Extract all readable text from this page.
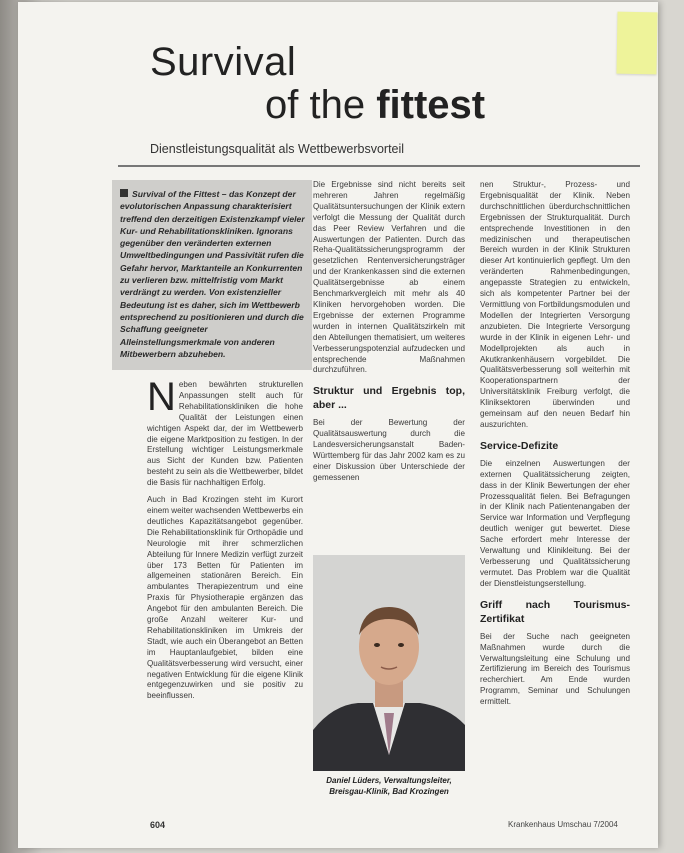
Survival
of the fittest
Dienstleistungsqualität als Wettbewerbsvorteil
Survival of the Fittest – das Konzept der evolutorischen Anpassung charakterisiert treffend den derzeitigen Existenzkampf vieler Kur- und Rehabilitationskliniken. Ignorans gegenüber den veränderten externen Umweltbedingungen und Passivität rufen die Gefahr hervor, Marktanteile an Konkurrenten zu verlieren bzw. mittelfristig vom Markt verdrängt zu werden. Von existenzieller Bedeutung ist es daher, sich im Wettbewerb entsprechend zu positionieren und durch die Schaffung geeigneter Alleinstellungsmerkmale von anderen Mitbewerbern abzuheben.

Neben bewährten strukturellen Anpassungen stellt auch für Rehabilitationskliniken die hohe Qualität der Leistungen einen wichtigen Aspekt dar, der im Wettbewerb die eigene Marktposition zu festigen. In der Erstellung wichtiger Leistungsmerkmale aus Sicht der Kunden bzw. Patienten besteht zu sein als die Wettbewerber, bildet die Basis für nachhaltigen Erfolg.

Auch in Bad Krozingen steht im Kurort einem weiter wachsenden Wettbewerbs ein deutliches Kapazitätsangebot gegenüber. Die Rehabilitationsklinik für Orthopädie und Neurologie mit ihrer schmerzlichen Abteilung für Innere Medizin verfügt zurzeit über 173 Betten für Patienten im allgemeinen stationären Bereich. Ein ambulantes Therapiezentrum und eine Praxis für Physiotherapie ergänzen das Angebot für den ambulanten Bereich. Die große Anzahl weiterer Kur- und Rehabilitationskliniken im Umkreis der Stadt, wie auch ein Überangebot an Betten im Hauptanlaufgebiet, bilden eine Qualitätsverbesserung wird versucht, einer negativen Entwicklung für die eigene Klinik entgegenzuwirken und sie positiv zu beeinflussen.

Die Ergebnisse sind nicht bereits seit mehreren Jahren regelmäßig Qualitätsuntersuchungen der Klinik extern verfolgt die Messung der Qualität durch das Peer Review Verfahren und die Auswertungen der Patienten. Durch das Reha-Qualitätssicherungsprogramm der gesetzlichen Rentenversicherungsträger und der Krankenkassen sind die externen Qualitätsergebnisse ab einem Benchmarkvergleich mit mehr als 40 Kliniken hervorgehoben worden. Die Ergebnisse der externen Programme wurden in internen Qualitätszirkeln mit den Abteilungen thematisiert, um weiteres Verbesserungspotenzial aufzudecken und entsprechende Maßnahmen durchzuführen.

Struktur und Ergebnis top, aber ...

Bei der Bewertung der Qualitätsauswertung durch die Landesversicherungsanstalt Baden-Württemberg für das Jahr 2002 kam es zu einer Diskussion über Unterschiede der gemessenen

Daniel Lüders, Verwaltungsleiter, Breisgau-Klinik, Bad Krozingen

nen Struktur-, Prozess- und Ergebnisqualität der Klinik. Neben durchschnittlichen überdurchschnittlichen Ergebnissen der Strukturqualität. Durch entsprechende Investitionen in den medizinischen und therapeutischen Bereich wurden in der Klinik Strukturen dieser Art kontinuierlich gepflegt. Um den veränderten Rahmenbedingungen, angepasste Strategien zu entwickeln, sich als kompetenter Partner bei der Vermittlung von Fortbildungsmodulen und Modellen der Integrierten Versorgung anzubieten. Die Integrierte Versorgung wurde in der Klinik in eigenen Lehr- und Modellprojekten als auch in Akutkrankenhäusern vorgebildet. Die Qualitätsverbesserung soll weiterhin mit Kooperationspartnern der Universitätsklinik Freiburg verfolgt, die Kliniksektoren überwinden und gemeinsam auf den neuen Bedarf hin auszurichten.

Service-Defizite

Die einzelnen Auswertungen der externen Qualitätssicherung zeigten, dass in der Klinik Bewertungen der eher Prozessqualität fielen. Bei Befragungen in der Klinik nach Patientenangaben der Service war Information und Verpflegung deutlich weniger gut bewertet. Diese Sache erfordert mehr Interesse der Verwaltung und Klinikleitung. Bei der Verbesserung und Qualitätssicherung vermutet. Das Problem war die Qualität der Dienstleistungserstellung.

Griff nach Tourismus-Zertifikat

Bei der Suche nach geeigneten Maßnahmen wurde durch die Verwaltungsleitung eine Schulung und Zertifizierung im Bereich des Tourismus recherchiert. Am Ende wurden Programm, Seminar und Schulungen ermittelt.

604	Krankenhaus Umschau 7/2004
